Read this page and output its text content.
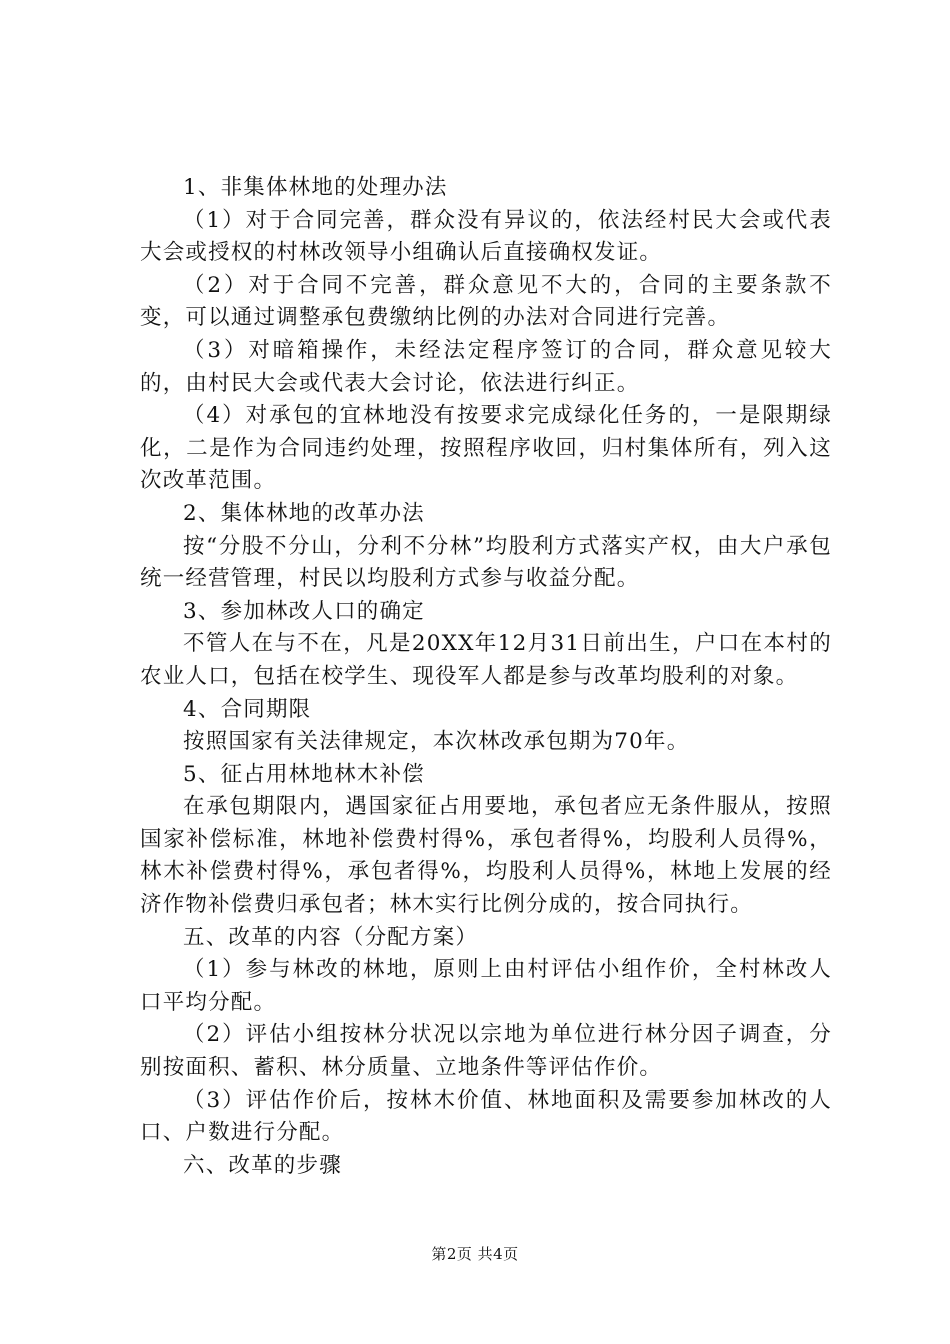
1、非集体林地的处理办法

（1）对于合同完善，群众没有异议的，依法经村民大会或代表大会或授权的村林改领导小组确认后直接确权发证。

（2）对于合同不完善，群众意见不大的，合同的主要条款不变，可以通过调整承包费缴纳比例的办法对合同进行完善。

（3）对暗箱操作，未经法定程序签订的合同，群众意见较大的，由村民大会或代表大会讨论，依法进行纠正。

（4）对承包的宜林地没有按要求完成绿化任务的，一是限期绿化，二是作为合同违约处理，按照程序收回，归村集体所有，列入这次改革范围。

2、集体林地的改革办法

按“分股不分山，分利不分林”均股利方式落实产权，由大户承包统一经营管理，村民以均股利方式参与收益分配。

3、参加林改人口的确定

不管人在与不在，凡是20XX年12月31日前出生，户口在本村的农业人口，包括在校学生、现役军人都是参与改革均股利的对象。

4、合同期限

按照国家有关法律规定，本次林改承包期为70年。

5、征占用林地林木补偿

在承包期限内，遇国家征占用要地，承包者应无条件服从，按照国家补偿标准，林地补偿费村得%，承包者得%，均股利人员得%，林木补偿费村得%，承包者得%，均股利人员得%，林地上发展的经济作物补偿费归承包者；林木实行比例分成的，按合同执行。

五、改革的内容（分配方案）

（1）参与林改的林地，原则上由村评估小组作价，全村林改人口平均分配。

（2）评估小组按林分状况以宗地为单位进行林分因子调查，分别按面积、蓄积、林分质量、立地条件等评估作价。

（3）评估作价后，按林木价值、林地面积及需要参加林改的人口、户数进行分配。

六、改革的步骤

第2页 共4页
